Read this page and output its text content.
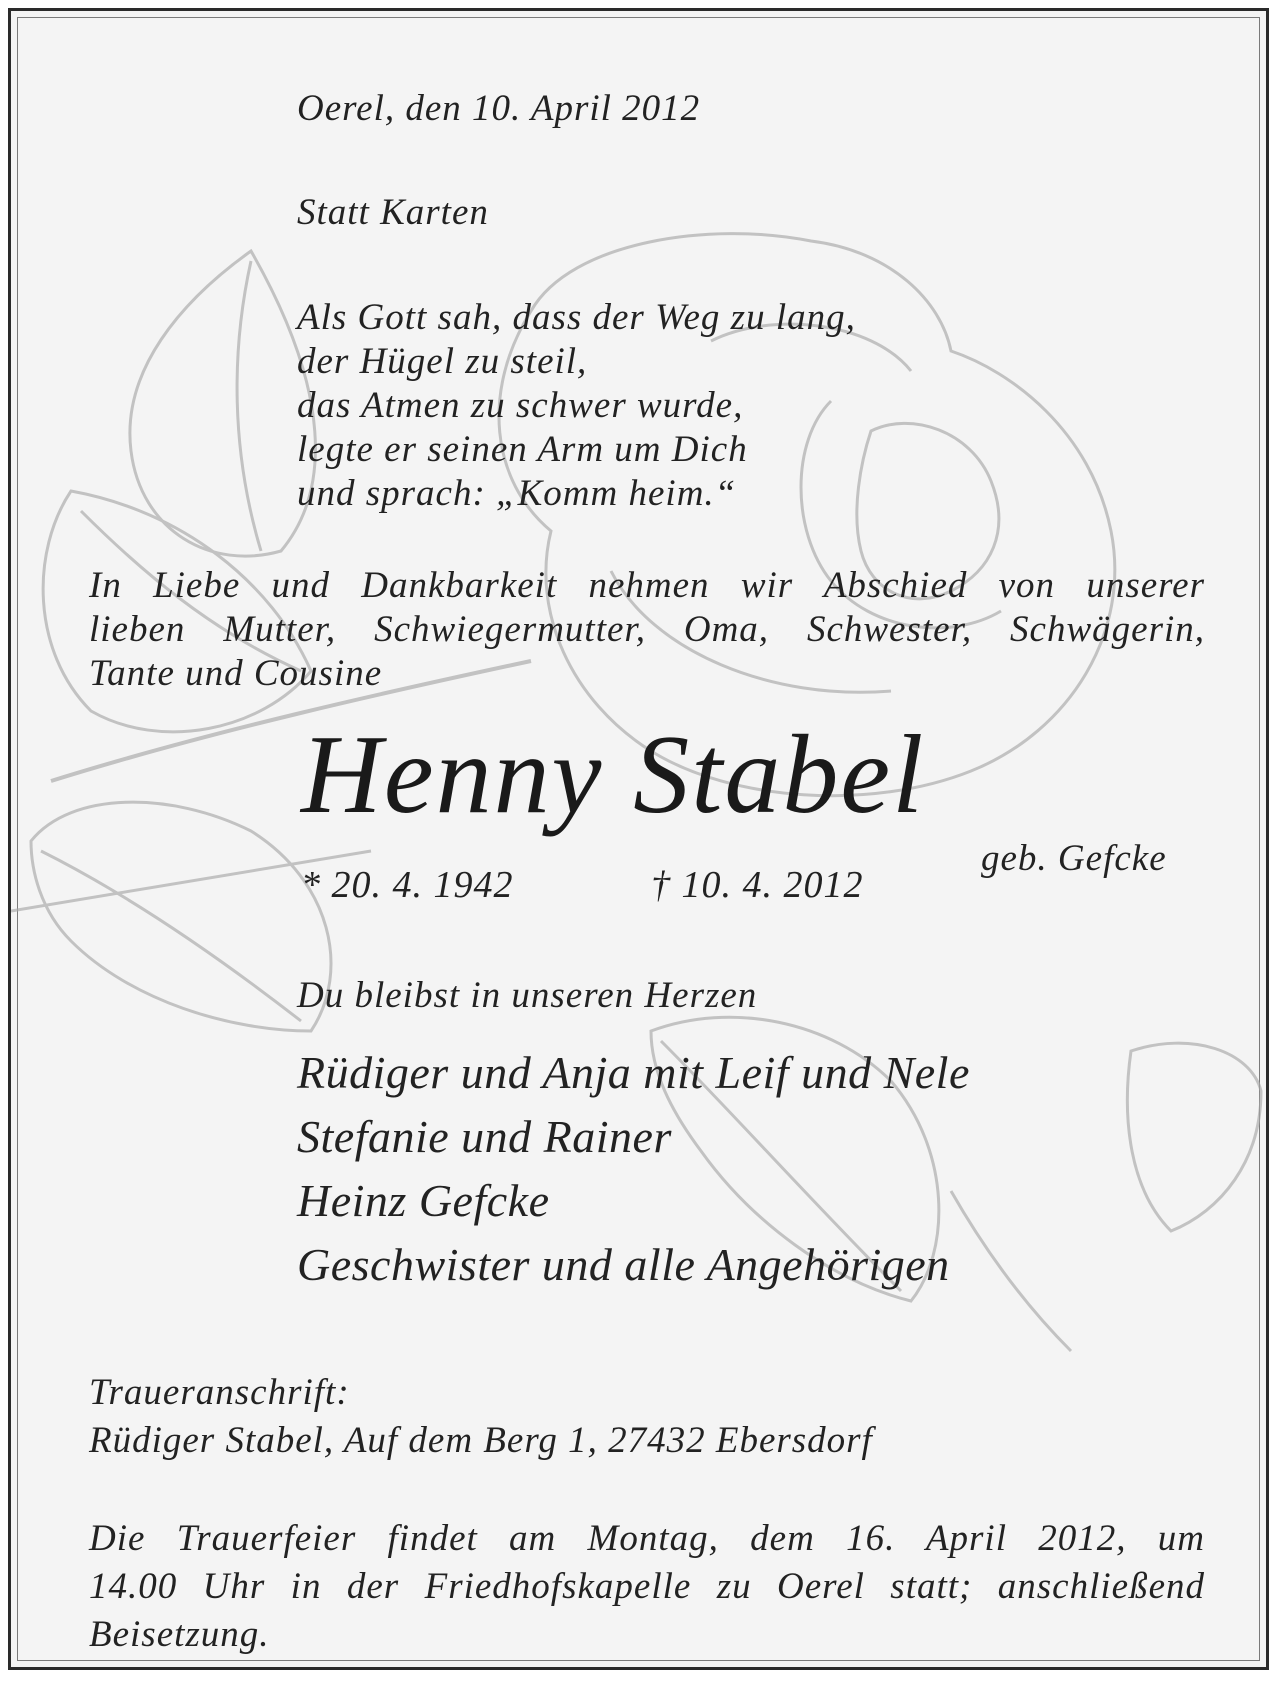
Oerel, den 10. April 2012
Statt Karten
Als Gott sah, dass der Weg zu lang,
der Hügel zu steil,
das Atmen zu schwer wurde,
legte er seinen Arm um Dich
und sprach: „Komm heim.“
In Liebe und Dankbarkeit nehmen wir Abschied von unserer
lieben Mutter, Schwiegermutter, Oma, Schwester, Schwägerin,
Tante und Cousine
Henny Stabel
geb. Gefcke
* 20. 4. 1942	† 10. 4. 2012
Du bleibst in unseren Herzen
Rüdiger und Anja mit Leif und Nele
Stefanie und Rainer
Heinz Gefcke
Geschwister und alle Angehörigen
Traueranschrift:
Rüdiger Stabel, Auf dem Berg 1, 27432 Ebersdorf
Die Trauerfeier findet am Montag, dem 16. April 2012, um
14.00 Uhr in der Friedhofskapelle zu Oerel statt; anschließend
Beisetzung.
